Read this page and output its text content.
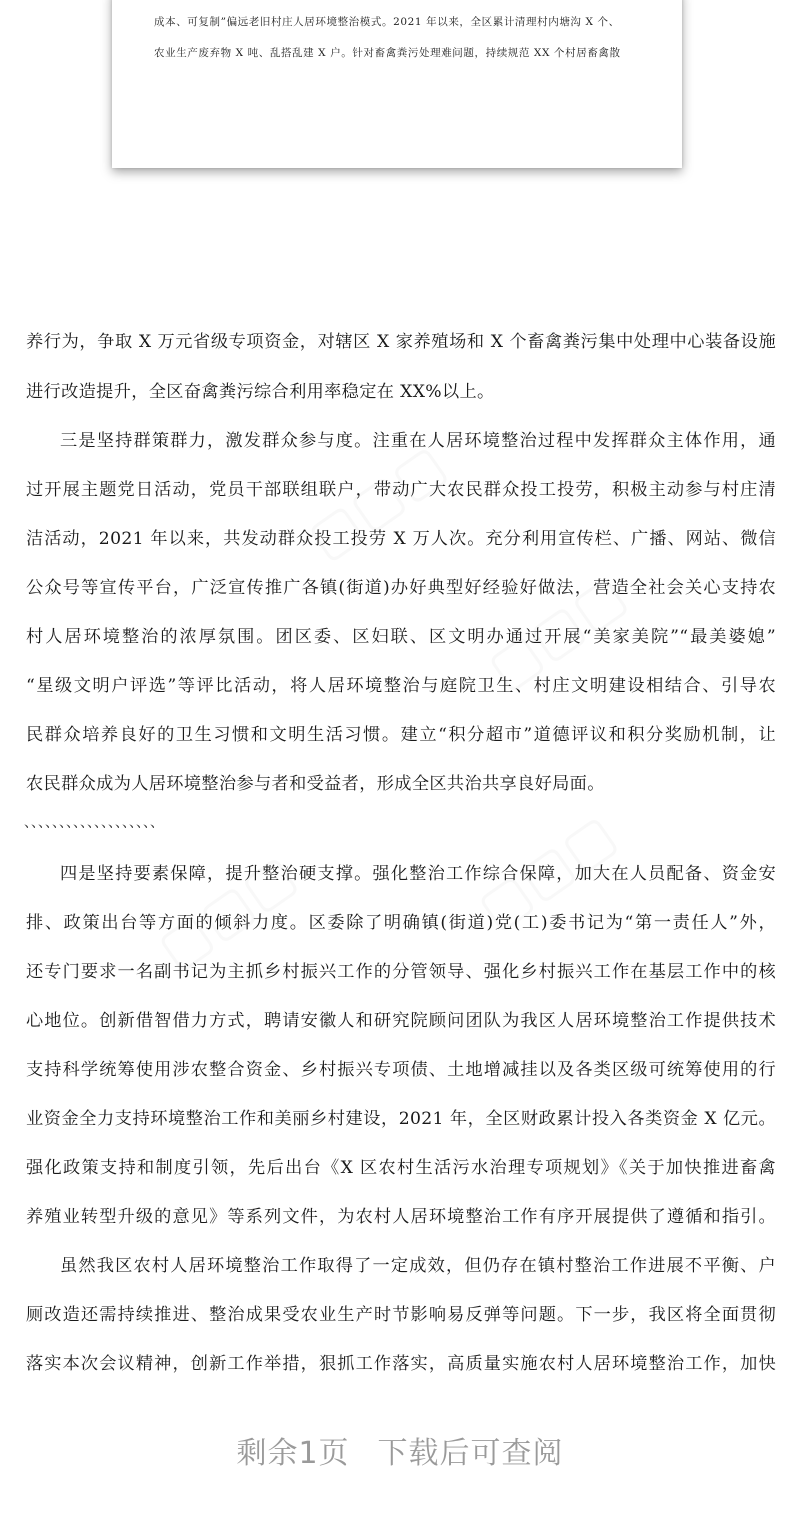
▢▢▢
▢▢▢
▢▢▢	▢▢▢
成本、可复制”偏远老旧村庄人居环境整治模式。2021 年以来，全区累计清理村内塘沟 X 个、
农业生产废弃物 X 吨、乱搭乱建 X 户。针对畜禽粪污处理难问题，持续规范 XX 个村居畜禽散
养行为，争取 X 万元省级专项资金，对辖区 X 家养殖场和 X 个畜禽粪污集中处理中心装备设施
进行改造提升，全区奋禽粪污综合利用率稳定在 XX%以上。
三是坚持群策群力，激发群众参与度。注重在人居环境整治过程中发挥群众主体作用，通
过开展主题党日活动，党员干部联组联户，带动广大农民群众投工投劳，积极主动参与村庄清
洁活动，2021 年以来，共发动群众投工投劳 X 万人次。充分利用宣传栏、广播、网站、微信
公众号等宣传平台，广泛宣传推广各镇(街道)办好典型好经验好做法，营造全社会关心支持农
村人居环境整治的浓厚氛围。团区委、区妇联、区文明办通过开展“美家美院”“最美婆媳”
“星级文明户评选”等评比活动，将人居环境整治与庭院卫生、村庄文明建设相结合、引导农
民群众培养良好的卫生习惯和文明生活习惯。建立“积分超市”道德评议和积分奖励机制，让
农民群众成为人居环境整治参与者和受益者，形成全区共治共享良好局面。
、、、、、、、、、、、、、、、、、、、
四是坚持要素保障，提升整治硬支撑。强化整治工作综合保障，加大在人员配备、资金安
排、政策出台等方面的倾斜力度。区委除了明确镇(街道)党(工)委书记为“第一责任人”外，
还专门要求一名副书记为主抓乡村振兴工作的分管领导、强化乡村振兴工作在基层工作中的核
心地位。创新借智借力方式，聘请安徽人和研究院顾问团队为我区人居环境整治工作提供技术
支持科学统筹使用涉农整合资金、乡村振兴专项债、土地增减挂以及各类区级可统筹使用的行
业资金全力支持环境整治工作和美丽乡村建设，2021 年，全区财政累计投入各类资金 X 亿元。
强化政策支持和制度引领，先后出台《X 区农村生活污水治理专项规划》《关于加快推进畜禽
养殖业转型升级的意见》等系列文件，为农村人居环境整治工作有序开展提供了遵循和指引。
虽然我区农村人居环境整治工作取得了一定成效，但仍存在镇村整治工作进展不平衡、户
厕改造还需持续推进、整治成果受农业生产时节影响易反弹等问题。下一步，我区将全面贯彻
落实本次会议精神，创新工作举措，狠抓工作落实，高质量实施农村人居环境整治工作，加快
剩余1页 下载后可查阅
